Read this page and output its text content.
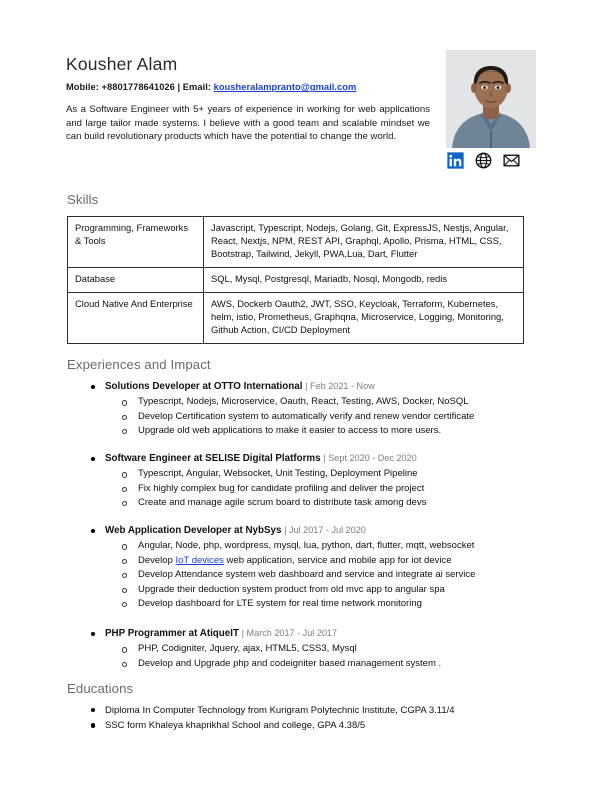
Kousher Alam
Mobile: +8801778641026 | Email: kousheralampranto@gmail.com

As a Software Engineer with 5+ years of experience in working for web applications and large tailor made systems. I believe with a good team and scalable mindset we can build revolutionary products which have the potential to change the world.

Skills
Programming, Frameworks & Tools	Javascript, Typescript, Nodejs, Golang, Git, ExpressJS, Nestjs, Angular, React, Nextjs, NPM, REST API, Graphql, Apollo, Prisma, HTML, CSS, Bootstrap, Tailwind, Jekyll, PWA,Lua, Dart, Flutter
Database	SQL, Mysql, Postgresql, Mariadb, Nosql, Mongodb, redis
Cloud Native And Enterprise	AWS, Dockerb Oauth2, JWT, SSO, Keycloak, Terraform, Kubernetes, helm, istio, Prometheus, Graphqna, Microservice, Logging, Monitoring, Github Action, CI/CD Deployment
Experiences and Impact
Solutions Developer at OTTO International | Feb 2021 - Now
Typescript, Nodejs, Microservice, Oauth, React, Testing, AWS, Docker, NoSQL
Develop Certification system to automatically verify and renew vendor certificate
Upgrade old web applications to make it easier to access to more users.
Software Engineer at SELISE Digital Platforms | Sept 2020 - Dec 2020
Typescript, Angular, Websocket, Unit Testing, Deployment Pipeline
Fix highly complex bug for candidate profiling and deliver the project
Create and manage agile scrum board to distribute task among devs
Web Application Developer at NybSys | Jul 2017 - Jul 2020
Angular, Node, php, wordpress, mysql, lua, python, dart, flutter, mqtt, websocket
Develop IoT devices web application, service and mobile app for iot device
Develop Attendance system web dashboard and service and integrate ai service
Upgrade their deduction system product from old mvc app to angular spa
Develop dashboard for LTE system for real time network monitoring
PHP Programmer at AtiqueIT | March 2017 - Jul 2017
PHP, Codigniter, Jquery, ajax, HTML5, CSS3, Mysql
Develop and Upgrade php and codeigniter based management system .
Educations
Diploma In Computer Technology from Kurigram Polytechnic Institute, CGPA 3.11/4
SSC form Khaleya khaprikhal School and college, GPA 4.38/5
